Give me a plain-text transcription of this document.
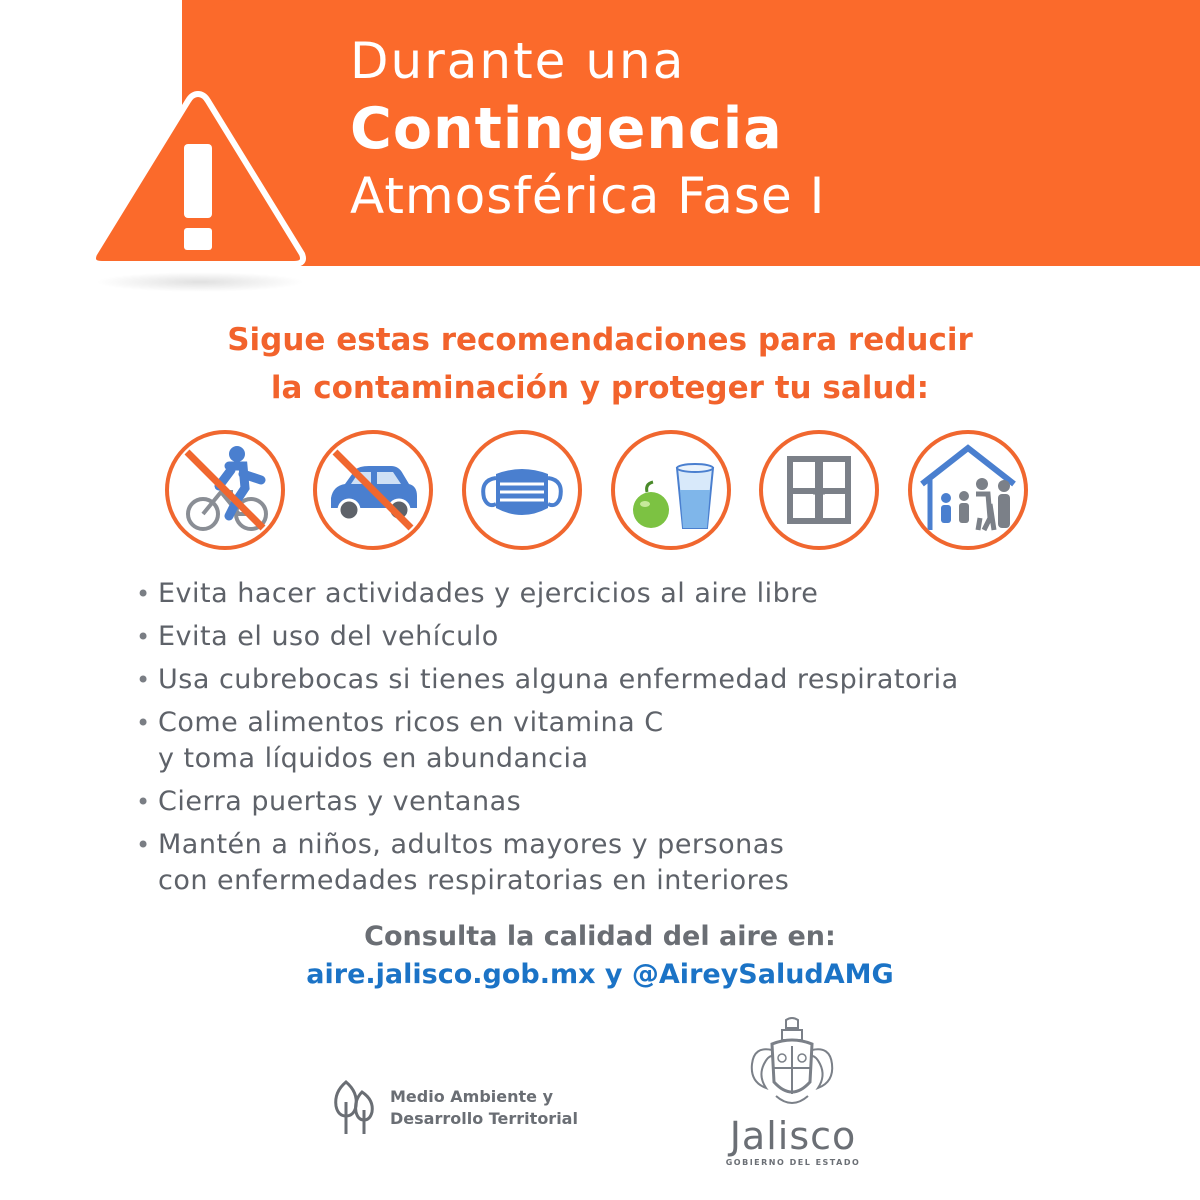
Durante una
Contingencia
Atmosférica Fase I
Sigue estas recomendaciones para reducir
la contaminación y proteger tu salud:
• Evita hacer actividades y ejercicios al aire libre
• Evita el uso del vehículo
• Usa cubrebocas si tienes alguna enfermedad respiratoria
• Come alimentos ricos en vitamina C
y toma líquidos en abundancia
• Cierra puertas y ventanas
• Mantén a niños, adultos mayores y personas
con enfermedades respiratorias en interiores
Consulta la calidad del aire en:
aire.jalisco.gob.mx y @AireySaludAMG
Medio Ambiente y
Desarrollo Territorial	Jalisco
GOBIERNO DEL ESTADO
